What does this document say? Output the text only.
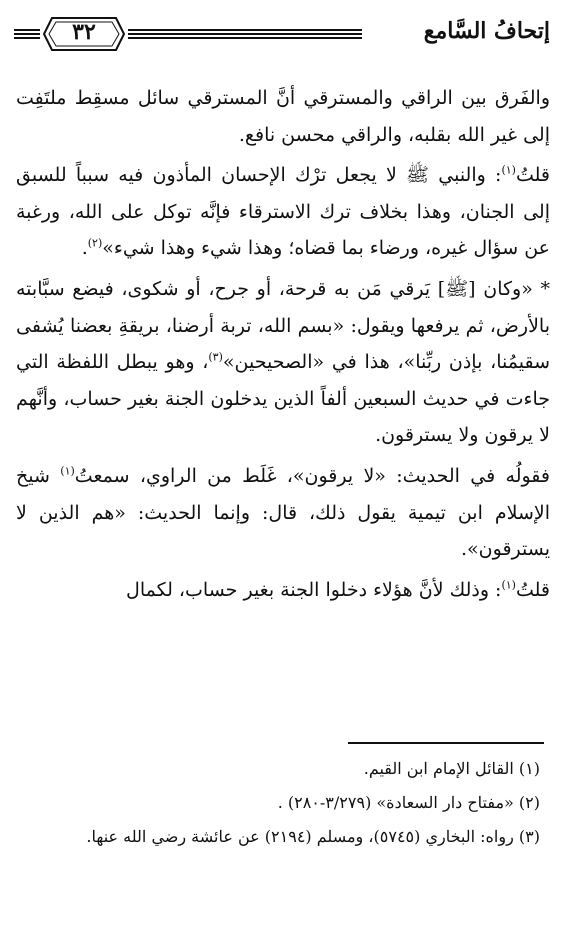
٣٢	إتحافُ السَّامع

والفَرق بين الراقي والمسترقي أنَّ المسترقي سائل مسقِط ملتَفِت إلى غير الله بقلبه، والراقي محسن نافع.

قلتُ$^{(١)}$: والنبي ﷺ لا يجعل ترْك الإحسان المأذون فيه سبباً للسبق إلى الجنان، وهذا بخلاف ترك الاسترقاء فإنَّه توكل على الله، ورغبة عن سؤال غيره، ورضاء بما قضاه؛ وهذا شيء وهذا شيء»$^{(٢)}$.

* «وكان [ﷺ] يَرقي مَن به قرحة، أو جرح، أو شكوى، فيضع سبَّابته بالأرض، ثم يرفعها ويقول: «بسم الله، تربة أرضنا، بريقةِ بعضنا يُشفى سقيمُنا، بإذن ربِّنا»، هذا في «الصحيحين»$^{(٣)}$، وهو يبطل اللفظة التي جاءت في حديث السبعين ألفاً الذين يدخلون الجنة بغير حساب، وأنَّهم لا يرقون ولا يسترقون.

فقولُه في الحديث: «لا يرقون»، غَلَط من الراوي، سمعتُ$^{(١)}$ شيخ الإسلام ابن تيمية يقول ذلك، قال: وإنما الحديث: «هم الذين لا يسترقون».

قلتُ$^{(١)}$: وذلك لأنَّ هؤلاء دخلوا الجنة بغير حساب، لكمال

(١) القائل الإمام ابن القيم.

(٢) «مفتاح دار السعادة» (٣/٢٧٩-٢٨٠) .

(٣) رواه: البخاري (٥٧٤٥)، ومسلم (٢١٩٤) عن عائشة رضي الله عنها.
